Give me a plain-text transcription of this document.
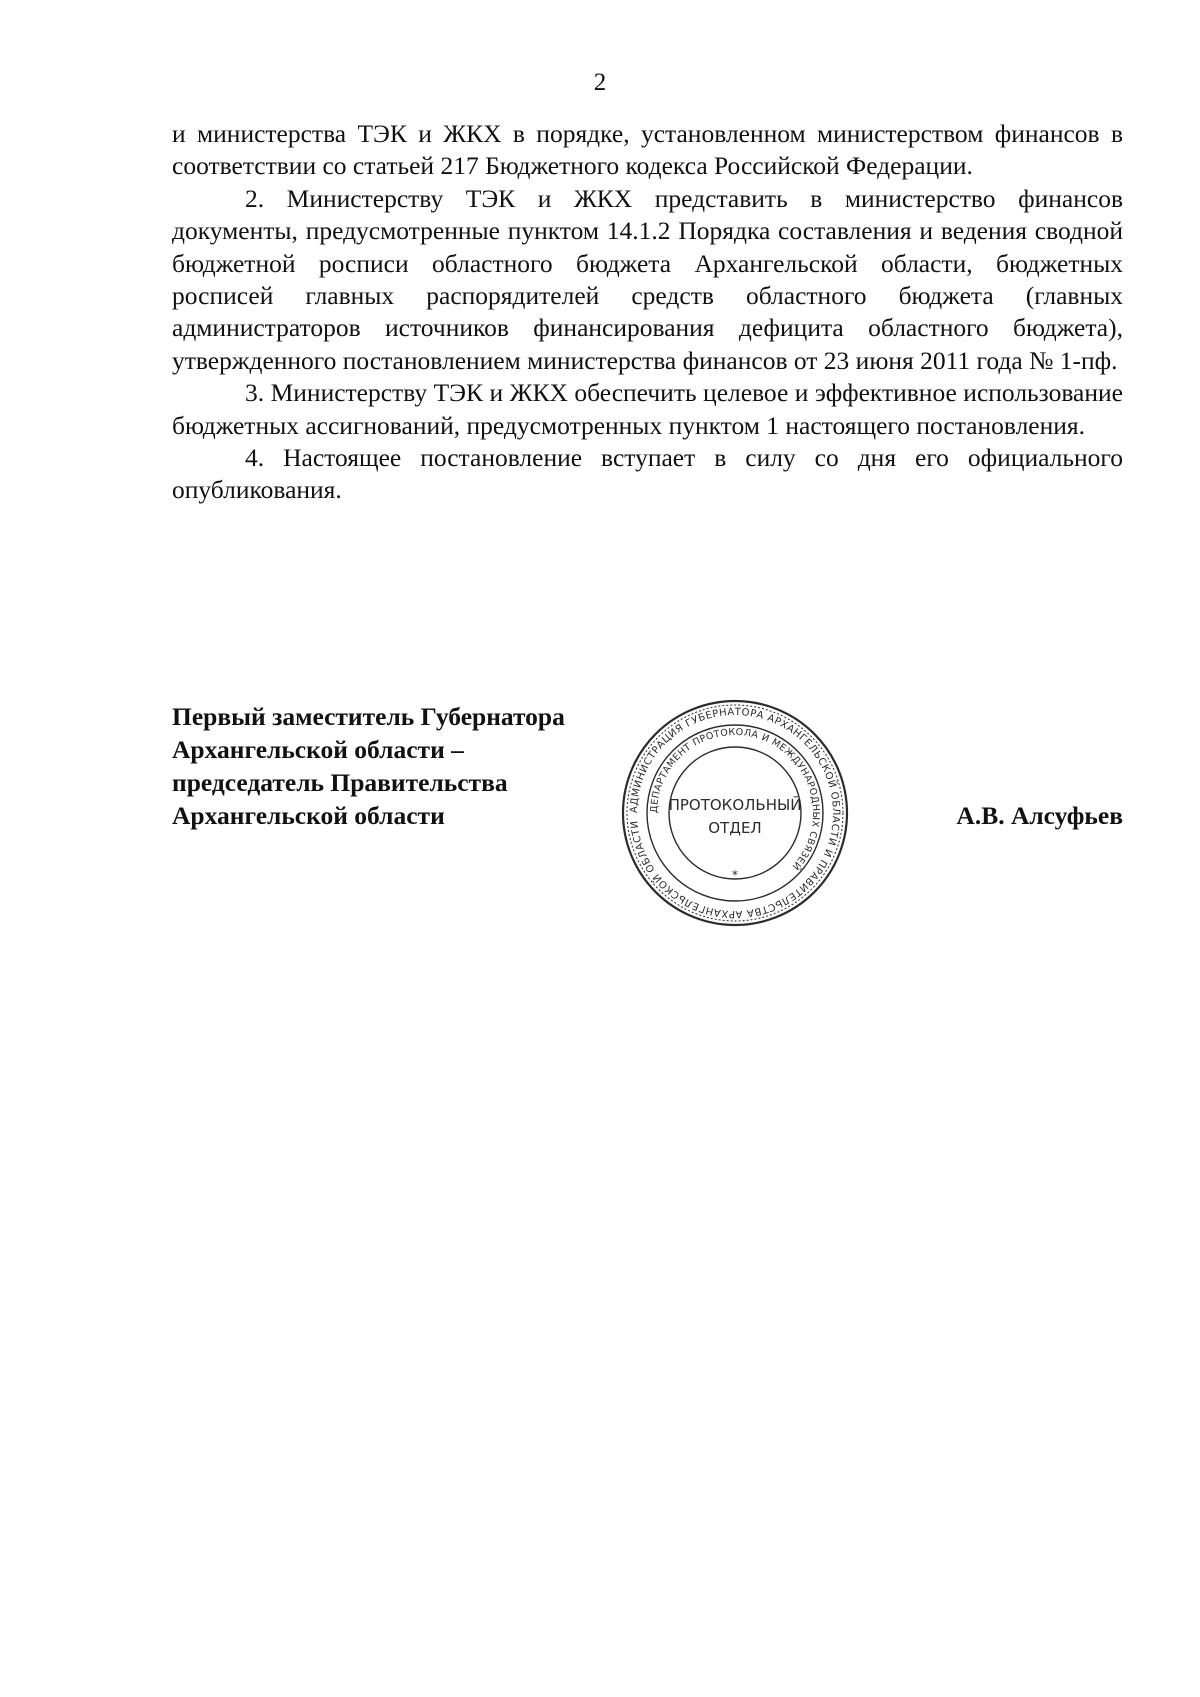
2

и министерства ТЭК и ЖКХ в порядке, установленном министерством финансов в соответствии со статьей 217 Бюджетного кодекса Российской Федерации.

2. Министерству ТЭК и ЖКХ представить в министерство финансов документы, предусмотренные пунктом 14.1.2 Порядка составления и ведения сводной бюджетной росписи областного бюджета Архангельской области, бюджетных росписей главных распорядителей средств областного бюджета (главных администраторов источников финансирования дефицита областного бюджета), утвержденного постановлением министерства финансов от 23 июня 2011 года № 1-пф.

3. Министерству ТЭК и ЖКХ обеспечить целевое и эффективное использование бюджетных ассигнований, предусмотренных пунктом 1 настоящего постановления.

4. Настоящее постановление вступает в силу со дня его официального опубликования.

Первый заместитель Губернатора
Архангельской области –
председатель Правительства
Архангельской области	А.В. Алсуфьев
АДМИНИСТРАЦИЯ ГУБЕРНАТОРА АРХАНГЕЛЬСКОЙ ОБЛАСТИ И ПРАВИТЕЛЬСТВА АРХАНГЕЛЬСКОЙ ОБЛАСТИ
ДЕПАРТАМЕНТ ПРОТОКОЛА И МЕЖДУНАРОДНЫХ СВЯЗЕЙ
ПРОТОКОЛЬНЫЙ
ОТДЕЛ
*
